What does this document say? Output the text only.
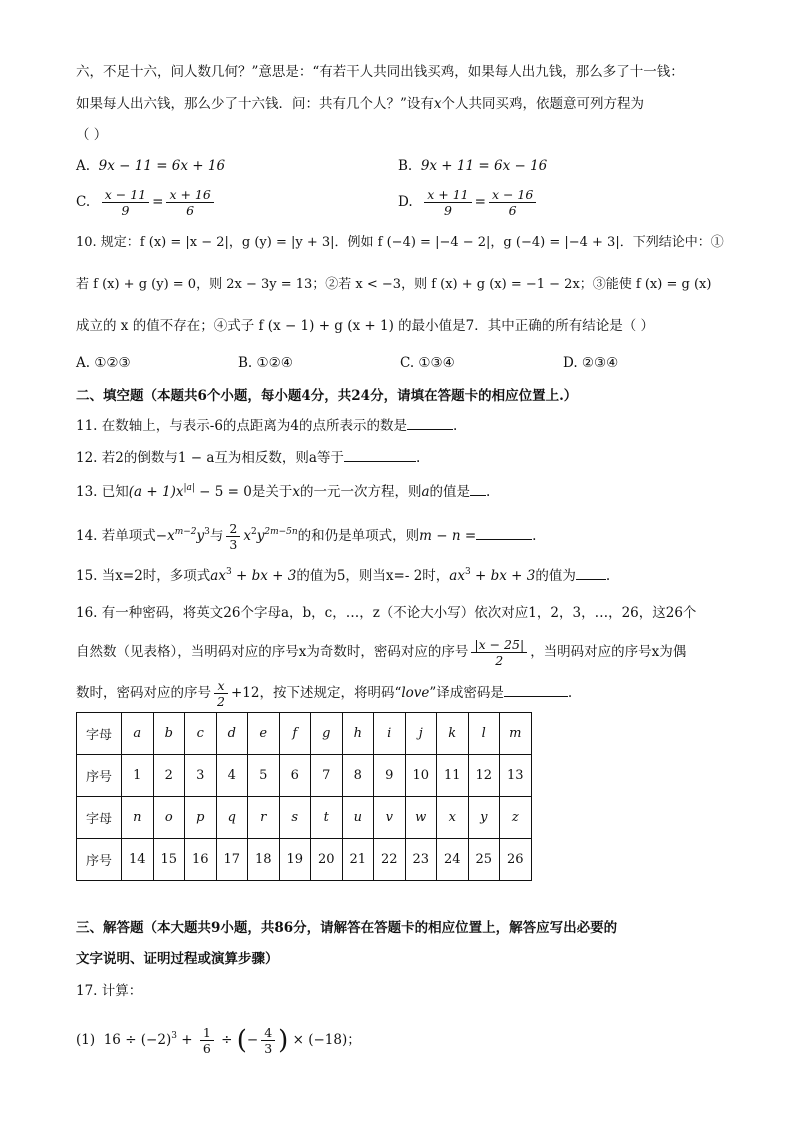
六，不足十六，问人数几何？”意思是：“有若干人共同出钱买鸡，如果每人出九钱，那么多了十一钱：
如果每人出六钱，那么少了十六钱．问：共有几个人？”设有x个人共同买鸡，依题意可列方程为
（ ）
A. 9x − 11 = 6x + 16	B. 9x + 11 = 6x − 16
C. $\frac{x - 11}{9} = \frac{x + 16}{6}$	D. $\frac{x + 11}{9} = \frac{x - 16}{6}$
10. 规定：f (x) = |x − 2|，g (y) = |y + 3|．例如 f (−4) = |−4 − 2|，g (−4) = |−4 + 3|．下列结论中：①
若 f (x) + g (y) = 0，则 2x − 3y = 13；②若 x < −3，则 f (x) + g (x) = −1 − 2x；③能使 f (x) = g (x)
成立的 x 的值不存在；④式子 f (x − 1) + g (x + 1) 的最小值是7．其中正确的所有结论是（ ）
A. ①②③	B. ①②④	C. ①③④	D. ②③④
二、填空题（本题共6个小题，每小题4分，共24分，请填在答题卡的相应位置上.）
11. 在数轴上，与表示-6的点距离为4的点所表示的数是	.
12. 若2的倒数与1 − a互为相反数，则a等于	.
13. 已知$(a + 1)x^{|a|} - 5 = 0$是关于x的一元一次方程，则a的值是 .
14. 若单项式$-x^{m-2}y^3$与 $\frac{2}{3} x^2y^{2m-5n}$的和仍是单项式，则m − n =	.
15. 当x=2时，多项式$ax^3$ + bx + 3的值为5，则当x=- 2时，$ax^3$ + bx + 3的值为 .
16. 有一种密码，将英文26个字母a，b，c，…，z（不论大小写）依次对应1，2，3，…，26，这26个
自然数（见表格），当明码对应的序号x为奇数时，密码对应的序号 $\frac{|x - 25|}{2}$ ，当明码对应的序号x为偶
数时，密码对应的序号 $\frac{x}{2} +12$，按下述规定，将明码“love”译成密码是	.
字母	a	b	c	d	e	f	g	h	i	j	k	l	m
序号	1	2	3	4	5	6	7	8	9	10	11	12	13
字母	n	o	p	q	r	s	t	u	v	w	x	y	z
序号	14	15	16	17	18	19	20	21	22	23	24	25	26
三、解答题（本大题共9小题，共86分，请解答在答题卡的相应位置上，解答应写出必要的
文字说明、证明过程或演算步骤）
17. 计算：
(1) $16 \div (-2)^3 + \frac{1}{6}$ ÷ (− $\frac{4}{3}$ ) × (−18)；
